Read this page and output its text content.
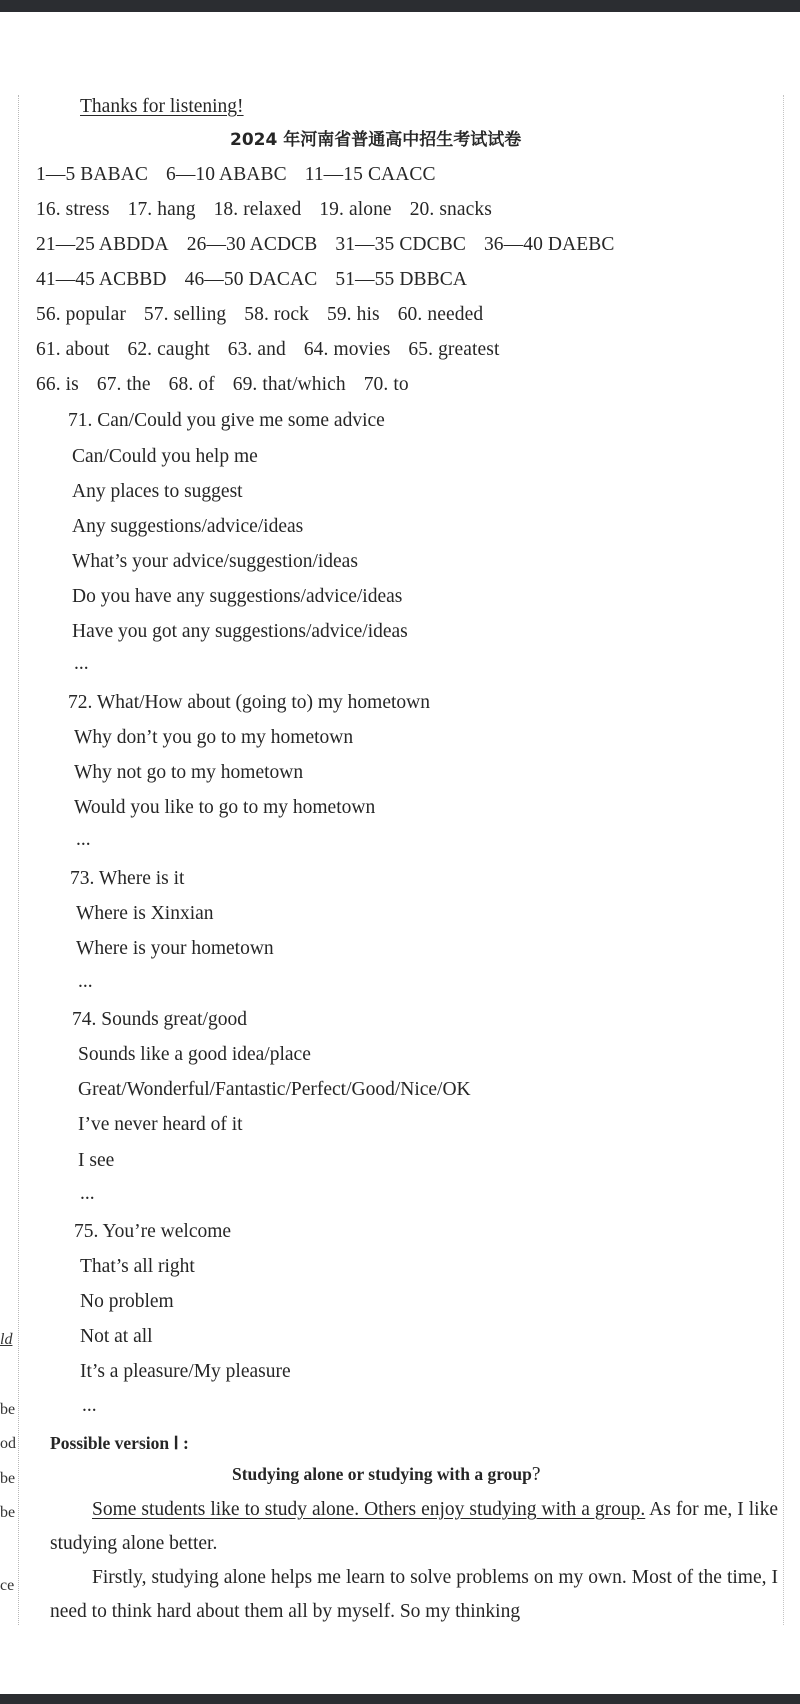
Thanks for listening!
2024 年河南省普通高中招生考试试卷
1—5 BABAC 6—10 ABABC 11—15 CAACC
16. stress 17. hang 18. relaxed 19. alone 20. snacks
21—25 ABDDA 26—30 ACDCB 31—35 CDCBC 36—40 DAEBC
41—45 ACBBD 46—50 DACAC 51—55 DBBCA
56. popular 57. selling 58. rock 59. his 60. needed
61. about 62. caught 63. and 64. movies 65. greatest
66. is 67. the 68. of 69. that/which 70. to
71. Can/Could you give me some advice
Can/Could you help me
Any places to suggest
Any suggestions/advice/ideas
What’s your advice/suggestion/ideas
Do you have any suggestions/advice/ideas
Have you got any suggestions/advice/ideas
...
72. What/How about (going to) my hometown
Why don’t you go to my hometown
Why not go to my hometown
Would you like to go to my hometown
...
73. Where is it
Where is Xinxian
Where is your hometown
...
74. Sounds great/good
Sounds like a good idea/place
Great/Wonderful/Fantastic/Perfect/Good/Nice/OK
I’ve never heard of it
I see
...
75. You’re welcome
That’s all right
No problem
Not at all
It’s a pleasure/My pleasure
...
ld
be
od
be
be
ce
Possible version Ⅰ :
Studying alone or studying with a group?
Some students like to study alone. Others enjoy studying with a group. As for me, I like studying alone better.
Firstly, studying alone helps me learn to solve problems on my own. Most of the time, I need to think hard about them all by myself. So my thinking
